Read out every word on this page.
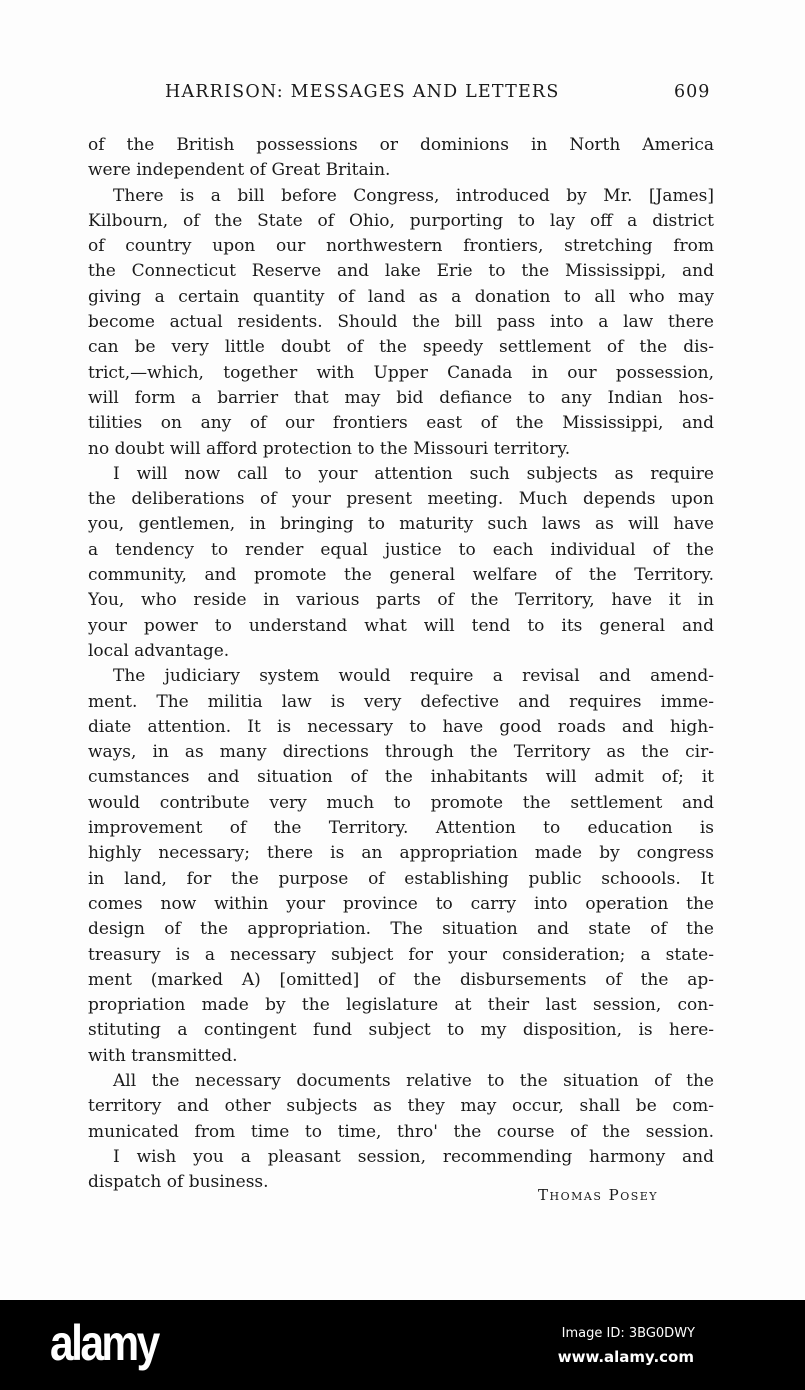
HARRISON: MESSAGES AND LETTERS	609
of the British possessions or dominions in North America
were independent of Great Britain.
There is a bill before Congress, introduced by Mr. [James]
Kilbourn, of the State of Ohio, purporting to lay off a district
of country upon our northwestern frontiers, stretching from
the Connecticut Reserve and lake Erie to the Mississippi, and
giving a certain quantity of land as a donation to all who may
become actual residents. Should the bill pass into a law there
can be very little doubt of the speedy settlement of the dis-
trict,—which, together with Upper Canada in our possession,
will form a barrier that may bid defiance to any Indian hos-
tilities on any of our frontiers east of the Mississippi, and
no doubt will afford protection to the Missouri territory.
I will now call to your attention such subjects as require
the deliberations of your present meeting. Much depends upon
you, gentlemen, in bringing to maturity such laws as will have
a tendency to render equal justice to each individual of the
community, and promote the general welfare of the Territory.
You, who reside in various parts of the Territory, have it in
your power to understand what will tend to its general and
local advantage.
The judiciary system would require a revisal and amend-
ment. The militia law is very defective and requires imme-
diate attention. It is necessary to have good roads and high-
ways, in as many directions through the Territory as the cir-
cumstances and situation of the inhabitants will admit of; it
would contribute very much to promote the settlement and
improvement of the Territory. Attention to education is
highly necessary; there is an appropriation made by congress
in land, for the purpose of establishing public schoools. It
comes now within your province to carry into operation the
design of the appropriation. The situation and state of the
treasury is a necessary subject for your consideration; a state-
ment (marked A) [omitted] of the disbursements of the ap-
propriation made by the legislature at their last session, con-
stituting a contingent fund subject to my disposition, is here-
with transmitted.
All the necessary documents relative to the situation of the
territory and other subjects as they may occur, shall be com-
municated from time to time, thro' the course of the session.
I wish you a pleasant session, recommending harmony and
dispatch of business.
Thomas Posey
alamy	Image ID: 3BG0DWY
www.alamy.com
